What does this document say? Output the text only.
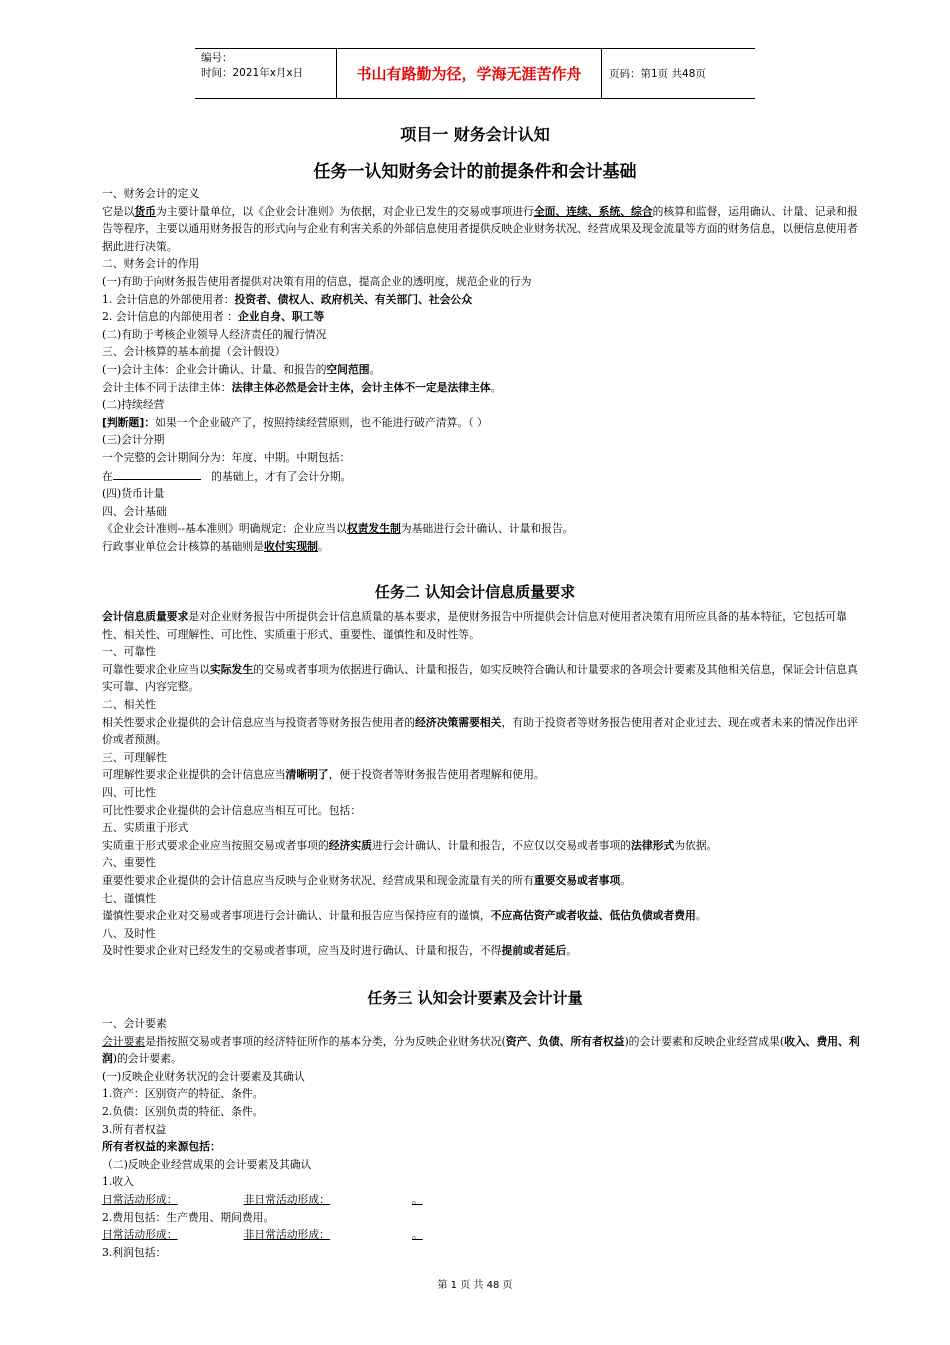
编号：
时间：2021年x月x日	书山有路勤为径，学海无涯苦作舟	页码：第1页 共48页
项目一 财务会计认知
任务一认知财务会计的前提条件和会计基础

一、财务会计的定义

它是以货币为主要计量单位，以《企业会计准则》为依据，对企业已发生的交易或事项进行全面、连续、系统、综合的核算和监督，运用确认、计量、记录和报告等程序，主要以通用财务报告的形式向与企业有利害关系的外部信息使用者提供反映企业财务状况、经营成果及现金流量等方面的财务信息，以便信息使用者据此进行决策。

二、财务会计的作用

(一)有助于向财务报告使用者提供对决策有用的信息，提高企业的透明度，规范企业的行为

1. 会计信息的外部使用者：投资者、债权人、政府机关、有关部门、社会公众

2. 会计信息的内部使用者 ：企业自身、职工等

(二)有助于考核企业领导人经济责任的履行情况

三、会计核算的基本前提（会计假设）

(一)会计主体：企业会计确认、计量、和报告的空间范围。

会计主体不同于法律主体：法律主体必然是会计主体，会计主体不一定是法律主体。

(二)持续经营

[判断题]：如果一个企业破产了，按照持续经营原则，也不能进行破产清算。（ ）

(三)会计分期

一个完整的会计期间分为：年度、中期。中期包括：

在	的基础上，才有了会计分期。

(四)货币计量

四、会计基础

《企业会计准则--基本准则》明确规定：企业应当以权责发生制为基础进行会计确认、计量和报告。

行政事业单位会计核算的基础则是收付实现制。

任务二 认知会计信息质量要求

会计信息质量要求是对企业财务报告中所提供会计信息质量的基本要求，是使财务报告中所提供会计信息对使用者决策有用所应具备的基本特征，它包括可靠性、相关性、可理解性、可比性、实质重于形式、重要性、谨慎性和及时性等。

一、可靠性

可靠性要求企业应当以实际发生的交易或者事项为依据进行确认、计量和报告，如实反映符合确认和计量要求的各项会计要素及其他相关信息，保证会计信息真实可靠、内容完整。

二、相关性

相关性要求企业提供的会计信息应当与投资者等财务报告使用者的经济决策需要相关，有助于投资者等财务报告使用者对企业过去、现在或者未来的情况作出评价或者预测。

三、可理解性

可理解性要求企业提供的会计信息应当清晰明了，便于投资者等财务报告使用者理解和使用。

四、可比性

可比性要求企业提供的会计信息应当相互可比。包括：

五、实质重于形式

实质重于形式要求企业应当按照交易或者事项的经济实质进行会计确认、计量和报告，不应仅以交易或者事项的法律形式为依据。

六、重要性

重要性要求企业提供的会计信息应当反映与企业财务状况、经营成果和现金流量有关的所有重要交易或者事项。

七、谨慎性

谨慎性要求企业对交易或者事项进行会计确认、计量和报告应当保持应有的谨慎，不应高估资产或者收益、低估负债或者费用。

八、及时性

及时性要求企业对已经发生的交易或者事项，应当及时进行确认、计量和报告，不得提前或者延后。

任务三 认知会计要素及会计计量

一、会计要素

会计要素是指按照交易或者事项的经济特征所作的基本分类，分为反映企业财务状况(资产、负债、所有者权益)的会计要素和反映企业经营成果(收入、费用、利润)的会计要素。

(一)反映企业财务状况的会计要素及其确认

1.资产：区别资产的特征、条件。

2.负债：区别负责的特征、条件。

3.所有者权益

所有者权益的来源包括：

（二)反映企业经营成果的会计要素及其确认

1.收入

日常活动形成：	非日常活动形成：	。

2.费用包括：生产费用、期间费用。

日常活动形成：	非日常活动形成：	。

3.利润包括：

第 1 页 共 48 页
